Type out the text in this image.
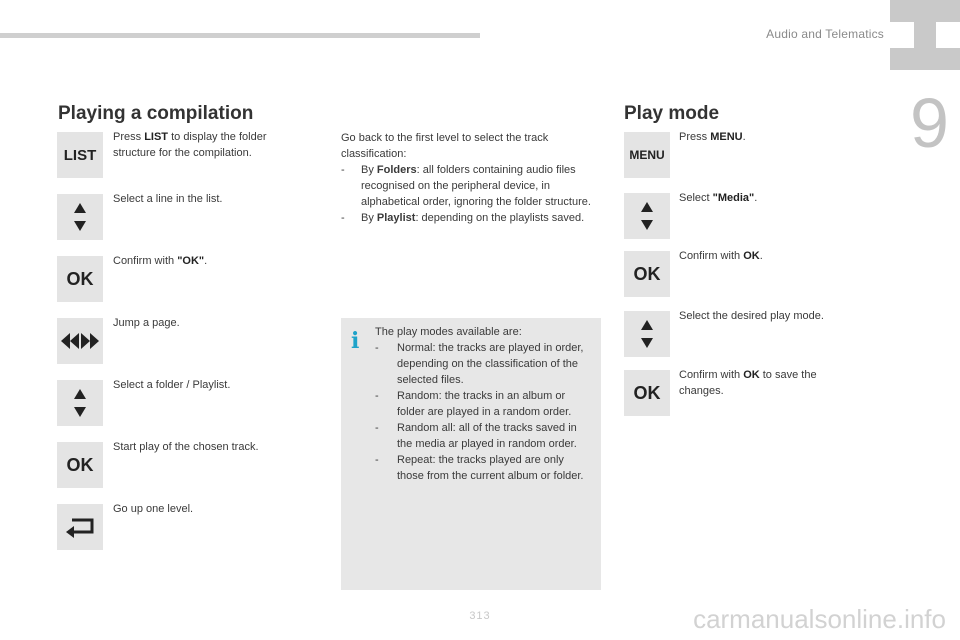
Audio and Telematics
9
Playing a compilation
LIST
Press LIST to display the folder structure for the compilation.
Select a line in the list.
OK
Confirm with "OK".
Jump a page.
Select a folder / Playlist.
OK
Start play of the chosen track.
Go up one level.

Go back to the first level to select the track classification:

- By Folders: all folders containing audio files recognised on the peripheral device, in alphabetical order, ignoring the folder structure.

- By Playlist: depending on the playlists saved.

i The play modes available are:

- Normal: the tracks are played in order, depending on the classification of the selected files.

- Random: the tracks in an album or folder are played in a random order.

- Random all: all of the tracks saved in the media ar played in random order.

- Repeat: the tracks played are only those from the current album or folder.

Play mode
MENU
Press MENU.
Select "Media".
OK
Confirm with OK.
Select the desired play mode.
OK
Confirm with OK to save the changes.
313	carmanualsonline.info
